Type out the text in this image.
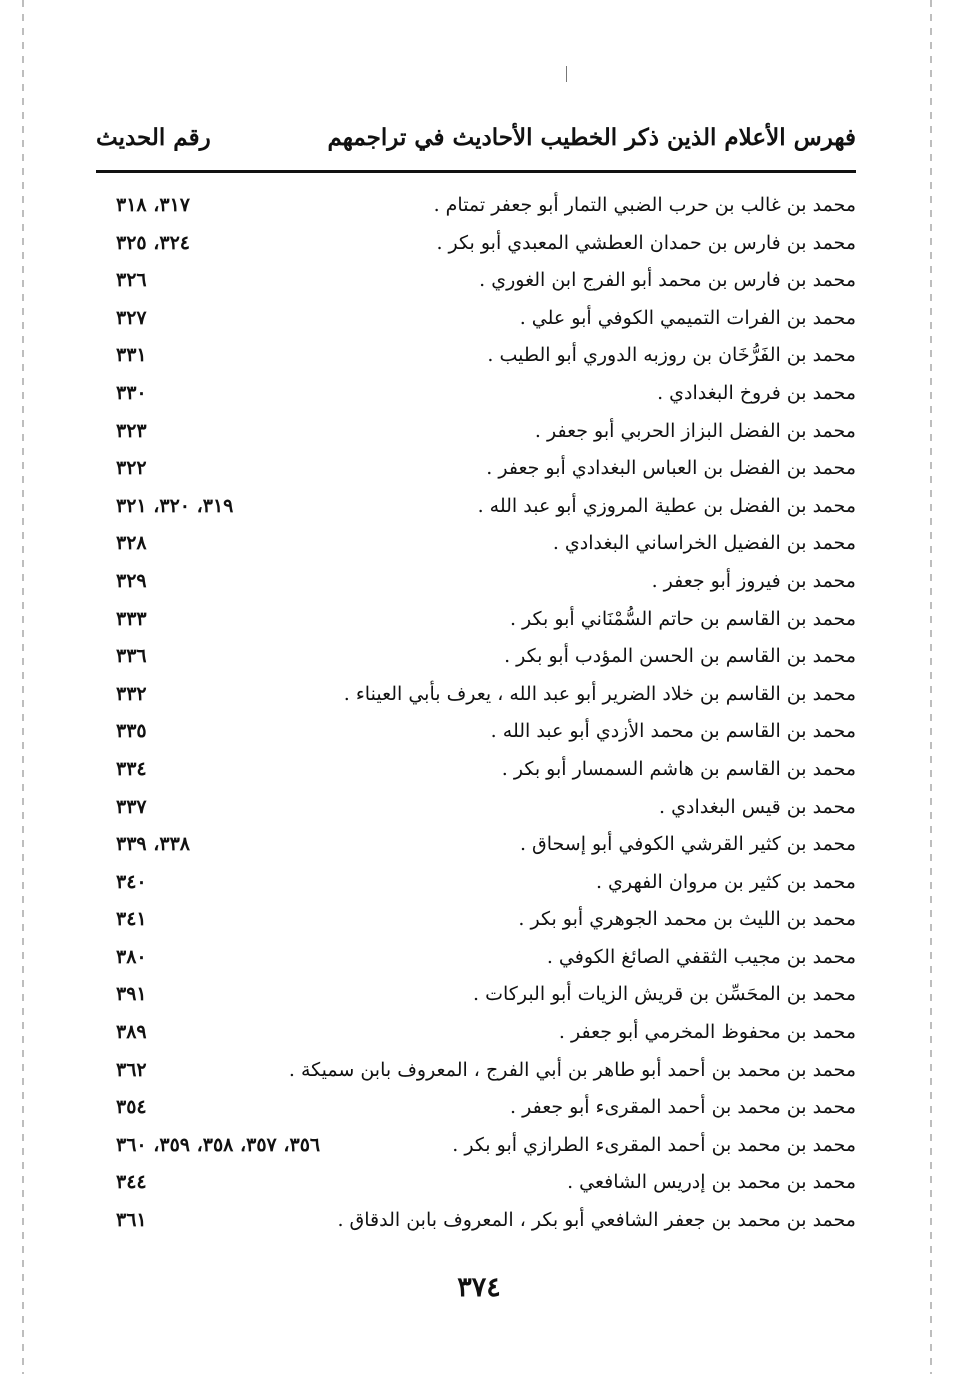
فهرس الأعلام الذين ذكر الخطيب الأحاديث في تراجمهم
رقم الحديث
محمد بن غالب بن حرب الضبي التمار أبو جعفر تمتام .
٣١٧، ٣١٨
محمد بن فارس بن حمدان العطشي المعبدي أبو بكر .
٣٢٤، ٣٢٥
محمد بن فارس بن محمد أبو الفرج ابن الغوري .
٣٢٦
محمد بن الفرات التميمي الكوفي أبو علي .
٣٢٧
محمد بن الفَرُّخَان بن روزبه الدوري أبو الطيب .
٣٣١
محمد بن فروخ البغدادي .
٣٣٠
محمد بن الفضل البزاز الحربي أبو جعفر .
٣٢٣
محمد بن الفضل بن العباس البغدادي أبو جعفر .
٣٢٢
محمد بن الفضل بن عطية المروزي أبو عبد الله .
٣١٩، ٣٢٠، ٣٢١
محمد بن الفضيل الخراساني البغدادي .
٣٢٨
محمد بن فيروز أبو جعفر .
٣٢٩
محمد بن القاسم بن حاتم السُّمْنَاني أبو بكر .
٣٣٣
محمد بن القاسم بن الحسن المؤدب أبو بكر .
٣٣٦
محمد بن القاسم بن خلاد الضرير أبو عبد الله ، يعرف بأبي العيناء .
٣٣٢
محمد بن القاسم بن محمد الأزدي أبو عبد الله .
٣٣٥
محمد بن القاسم بن هاشم السمسار أبو بكر .
٣٣٤
محمد بن قيس البغدادي .
٣٣٧
محمد بن كثير القرشي الكوفي أبو إسحاق .
٣٣٨، ٣٣٩
محمد بن كثير بن مروان الفهري .
٣٤٠
محمد بن الليث بن محمد الجوهري أبو بكر .
٣٤١
محمد بن مجيب الثقفي الصائغ الكوفي .
٣٨٠
محمد بن المحَسِّن بن قريش الزيات أبو البركات .
٣٩١
محمد بن محفوظ المخرمي أبو جعفر .
٣٨٩
محمد بن محمد بن أحمد أبو طاهر بن أبي الفرج ، المعروف بابن سميكة .
٣٦٢
محمد بن محمد بن أحمد المقرىء أبو جعفر .
٣٥٤
محمد بن محمد بن أحمد المقرىء الطرازي أبو بكر .
٣٥٦، ٣٥٧، ٣٥٨، ٣٥٩، ٣٦٠
محمد بن محمد بن إدريس الشافعي .
٣٤٤
محمد بن محمد بن جعفر الشافعي أبو بكر ، المعروف بابن الدقاق .
٣٦١
٣٧٤
